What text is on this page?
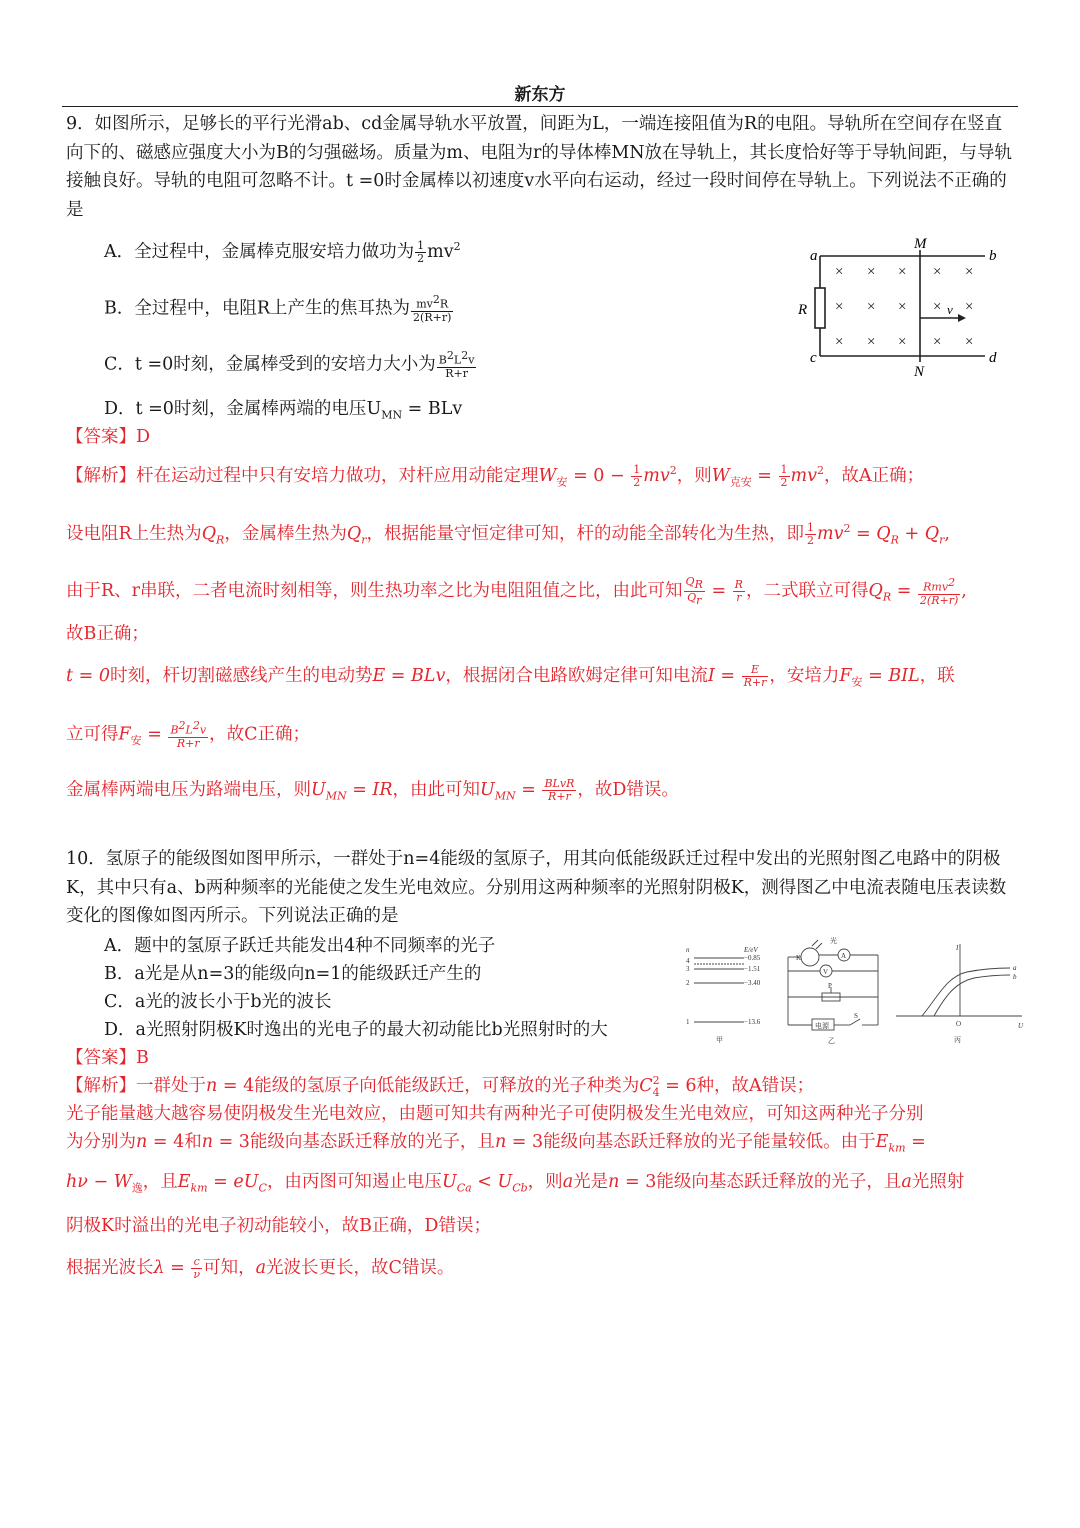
新东方
9．如图所示，足够长的平行光滑ab、cd金属导轨水平放置，间距为L，一端连接阻值为R的电阻。导轨所在空间存在竖直向下的、磁感应强度大小为B的匀强磁场。质量为m、电阻为r的导体棒MN放在导轨上，其长度恰好等于导轨间距，与导轨接触良好。导轨的电阻可忽略不计。t =0时金属棒以初速度v水平向右运动，经过一段时间停在导轨上。下列说法不正确的是
A．全过程中，金属棒克服安培力做功为 $\frac{1}{2} mv^2$
B．全过程中，电阻R上产生的焦耳热为 $\frac{mv^2R}{2(R+r)}$
C．t =0时刻，金属棒受到的安培力大小为 $\frac{B^2L^2v}{R+r}$
D．t =0时刻，金属棒两端的电压$U_{MN}$ = BLv
× × × × ×
× × × × ×
× × × × ×
a	b
c	d
M
N
R	v
【答案】D
【解析】杆在运动过程中只有安培力做功，对杆应用动能定理$W_安 = 0 - \frac{1}{2} mv^2$，则$W_{克安} = \frac{1}{2} mv^2$，故A正确；
设电阻R上生热为$Q_R$，金属棒生热为$Q_r$，根据能量守恒定律可知，杆的动能全部转化为生热，即 $\frac{1}{2} mv^2 = Q_R + Q_r$,
由于R、r串联，二者电流时刻相等，则生热功率之比为电阻阻值之比，由此可知 $\frac{Q_R}{Q_r} = \frac{R}{r}$ ，二式联立可得$Q_R = \frac{Rmv^2}{2(R+r)}$ ,
故B正确；
t = 0时刻，杆切割磁感线产生的电动势E = BLv，根据闭合电路欧姆定律可知电流$I = \frac{E}{R+r}$ ，安培力$F_安$ = BIL，联
立可得$F_安 = \frac{B^2L^2v}{R+r}$ ，故C正确；
金属棒两端电压为路端电压，则$U_{MN}$ = IR，由此可知$U_{MN} = \frac{\text{BLvR}}{R+r}$ ，故D错误。
10．氢原子的能级图如图甲所示，一群处于n=4能级的氢原子，用其向低能级跃迁过程中发出的光照射图乙电路中的阴极K，其中只有a、b两种频率的光能使之发生光电效应。分别用这两种频率的光照射阴极K，测得图乙中电流表随电压表读数变化的图像如图丙所示。下列说法正确的是
A．题中的氢原子跃迁共能发出4种不同频率的光子
B．a光是从n=3的能级向n=1的能级跃迁产生的
C．a光的波长小于b光的波长
D．a光照射阴极K时逸出的光电子的最大初动能比b光照射时的大
n	E/eV
4
3
2
1
−0.85
−1.51
−3.40
−13.6
甲
光
K	A
V
P
电源
S
乙
I
U
O
a
b
丙
【答案】B
【解析】一群处于n = 4能级的氢原子向低能级跃迁，可释放的光子种类为$C^2_4 = 6$种，故A错误；
光子能量越大越容易使阴极发生光电效应，由题可知共有两种光子可使阴极发生光电效应，可知这两种光子分别
为分别为n = 4和n = 3能级向基态跃迁释放的光子，且n = 3能级向基态跃迁释放的光子能量较低。由于$E_{km}$ =
$h\nu - W_逸$，且$E_{km} = eU_C$，由丙图可知遏止电压$U_{Ca} < U_{Cb}$，则a光是n = 3能级向基态跃迁释放的光子，且a光照射
阴极K时溢出的光电子初动能较小，故B正确，D错误；
根据光波长$\lambda = \frac{c}{\nu}$ 可知，a光波长更长，故C错误。
